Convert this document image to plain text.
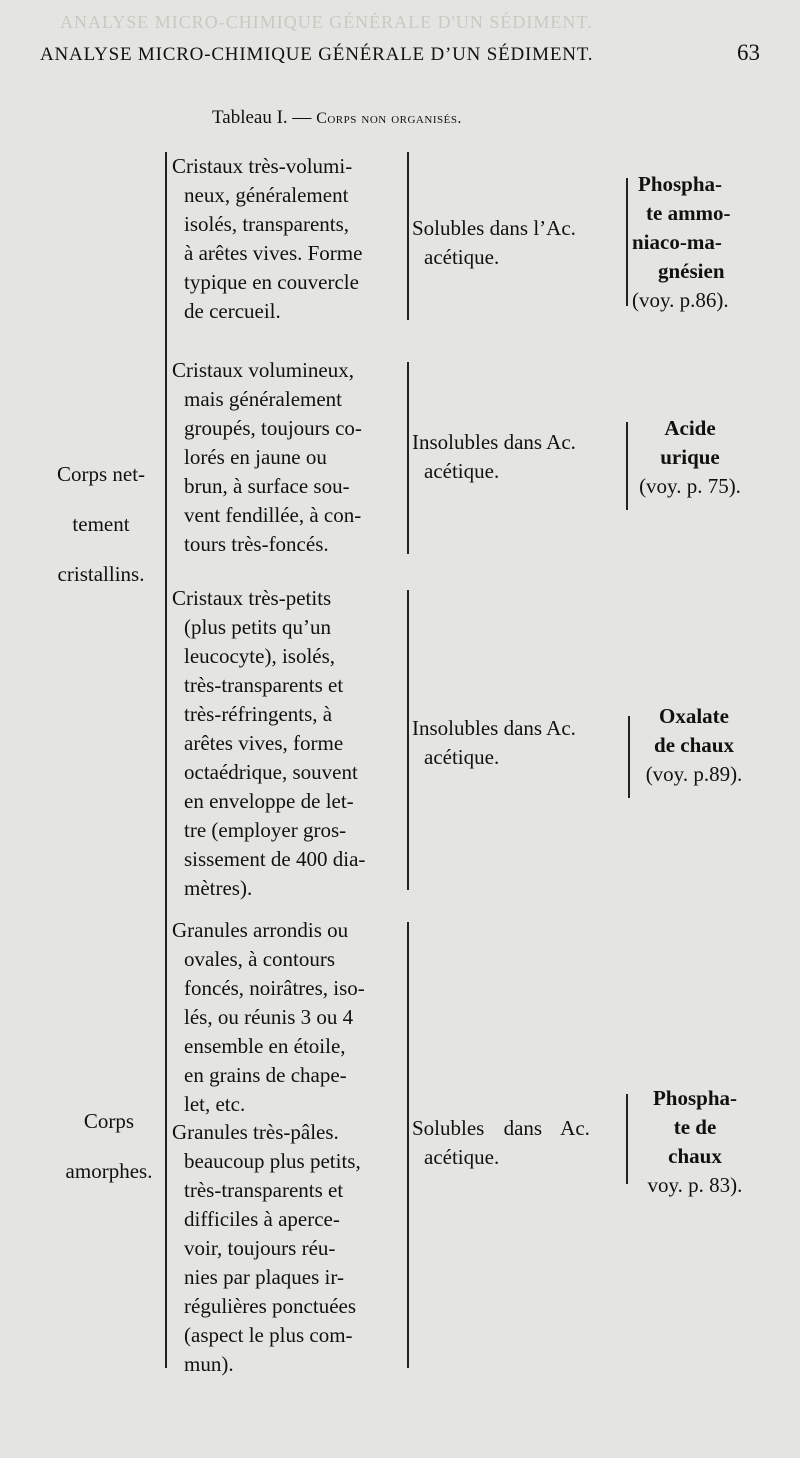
ANALYSE MICRO-CHIMIQUE GÉNÉRALE D'UN SÉDIMENT.
ANALYSE MICRO-CHIMIQUE GÉNÉRALE D’UN SÉDIMENT.	63
Tableau I. — Corps non organisés.
Corps net-
tement
cristallins.
Corps
amorphes.
Cristaux très-volumi-
neux, généralement
isolés, transparents,
à arêtes vives. Forme
typique en couvercle
de cercueil.
Solubles dans l’Ac.
acétique.
Phospha-
te ammo-
niaco-ma-
gnésien
(voy. p.86).
Cristaux volumineux,
mais généralement
groupés, toujours co-
lorés en jaune ou
brun, à surface sou-
vent fendillée, à con-
tours très-foncés.
Insolubles dans Ac.
acétique.
Acide
urique
(voy. p. 75).
Cristaux très-petits
(plus petits qu’un
leucocyte), isolés,
très-transparents et
très-réfringents, à
arêtes vives, forme
octaédrique, souvent
en enveloppe de let-
tre (employer gros-
sissement de 400 dia-
mètres).
Insolubles dans Ac.
acétique.
Oxalate
de chaux
(voy. p.89).
Granules arrondis ou
ovales, à contours
foncés, noirâtres, iso-
lés, ou réunis 3 ou 4
ensemble en étoile,
en grains de chape-
let, etc.
Granules très-pâles.
beaucoup plus petits,
très-transparents et
difficiles à aperce-
voir, toujours réu-
nies par plaques ir-
régulières ponctuées
(aspect le plus com-
mun).
Solubles dans Ac.
acétique.
Phospha-
te de
chaux
voy. p. 83).
